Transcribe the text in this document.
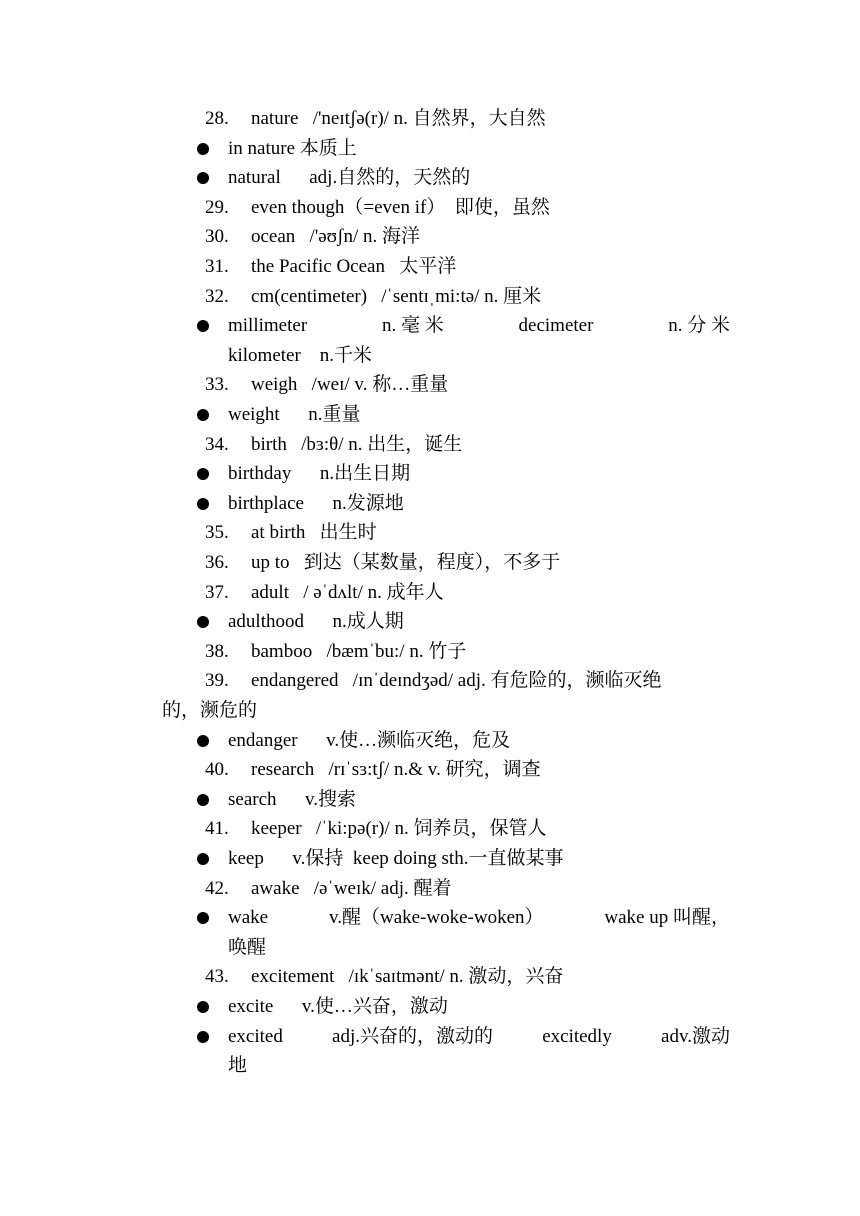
28. nature   /'neɪtʃə(r)/ n. 自然界，大自然
in nature 本质上
natural      adj.自然的，天然的
29. even though（=even if）  即使，虽然
30. ocean   /'əʊʃn/ n. 海洋
31. the Pacific Ocean   太平洋
32. cm(centimeter)   /ˈsentɪˌmi:tə/ n. 厘米
millimeter	n. 毫 米	decimeter	n. 分 米
kilometer    n.千米
33. weigh   /weɪ/ v. 称…重量
weight      n.重量
34. birth   /bɜ:θ/ n. 出生，诞生
birthday      n.出生日期
birthplace      n.发源地
35. at birth   出生时
36. up to   到达（某数量，程度），不多于
37. adult   / əˈdʌlt/ n. 成年人
adulthood      n.成人期
38. bamboo   /bæmˈbu:/ n. 竹子
39. endangered   /ɪnˈdeɪndʒəd/ adj. 有危险的，濒临灭绝
的，濒危的
endanger      v.使…濒临灭绝，危及
40. research   /rɪˈsɜ:tʃ/ n.& v. 研究，调查
search      v.搜索
41. keeper   /ˈki:pə(r)/ n. 饲养员，保管人
keep      v.保持  keep doing sth.一直做某事
42. awake   /əˈweɪk/ adj. 醒着
wake	v.醒（wake-woke-woken）	wake up 叫醒，
唤醒
43. excitement   /ɪkˈsaɪtmənt/ n. 激动，兴奋
excite      v.使…兴奋，激动
excited	adj.兴奋的，激动的	excitedly	adv.激动
地
